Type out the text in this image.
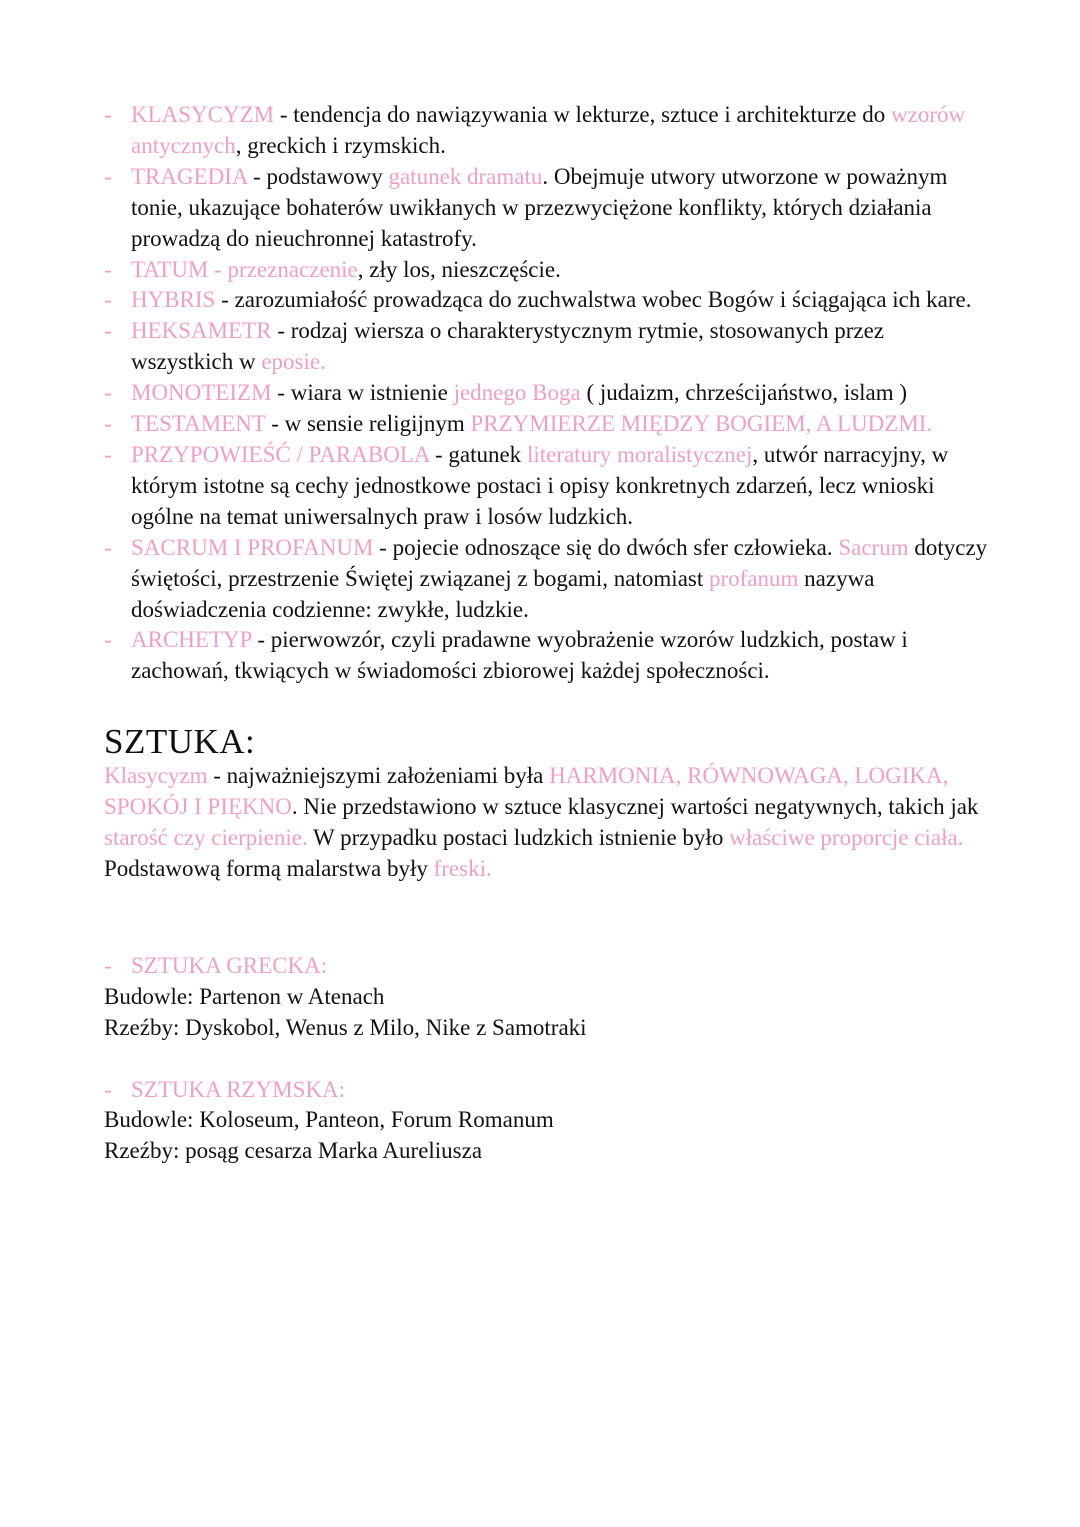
- KLASYCYZM - tendencja do nawiązywania w lekturze, sztuce i architekturze do wzorów antycznych, greckich i rzymskich.
- TRAGEDIA - podstawowy gatunek dramatu. Obejmuje utwory utworzone w poważnym tonie, ukazujące bohaterów uwikłanych w przezwyciężone konflikty, których działania prowadzą do nieuchronnej katastrofy.
- TATUM - przeznaczenie, zły los, nieszczęście.
- HYBRIS - zarozumiałość prowadząca do zuchwalstwa wobec Bogów i ściągająca ich kare.
- HEKSAMETR - rodzaj wiersza o charakterystycznym rytmie, stosowanych przez wszystkich w eposie.
- MONOTEIZM - wiara w istnienie jednego Boga ( judaizm, chrześcijaństwo, islam )
- TESTAMENT - w sensie religijnym PRZYMIERZE MIĘDZY BOGIEM, A LUDZMI.
- PRZYPOWIEŚĆ / PARABOLA - gatunek literatury moralistycznej, utwór narracyjny, w którym istotne są cechy jednostkowe postaci i opisy konkretnych zdarzeń, lecz wnioski ogólne na temat uniwersalnych praw i losów ludzkich.
- SACRUM I PROFANUM - pojecie odnoszące się do dwóch sfer człowieka. Sacrum dotyczy świętości, przestrzenie Świętej związanej z bogami, natomiast profanum nazywa doświadczenia codzienne: zwykłe, ludzkie.
- ARCHETYP - pierwowzór, czyli pradawne wyobrażenie wzorów ludzkich, postaw i zachowań, tkwiących w świadomości zbiorowej każdej społeczności.
SZTUKA:

Klasycyzm - najważniejszymi założeniami była HARMONIA, RÓWNOWAGA, LOGIKA, SPOKÓJ I PIĘKNO. Nie przedstawiono w sztuce klasycznej wartości negatywnych, takich jak starość czy cierpienie. W przypadku postaci ludzkich istnienie było właściwe proporcje ciała. Podstawową formą malarstwa były freski.

- SZTUKA GRECKA:
Budowle: Partenon w Atenach
Rzeźby: Dyskobol, Wenus z Milo, Nike z Samotraki
- SZTUKA RZYMSKA:
Budowle: Koloseum, Panteon, Forum Romanum
Rzeźby: posąg cesarza Marka Aureliusza
